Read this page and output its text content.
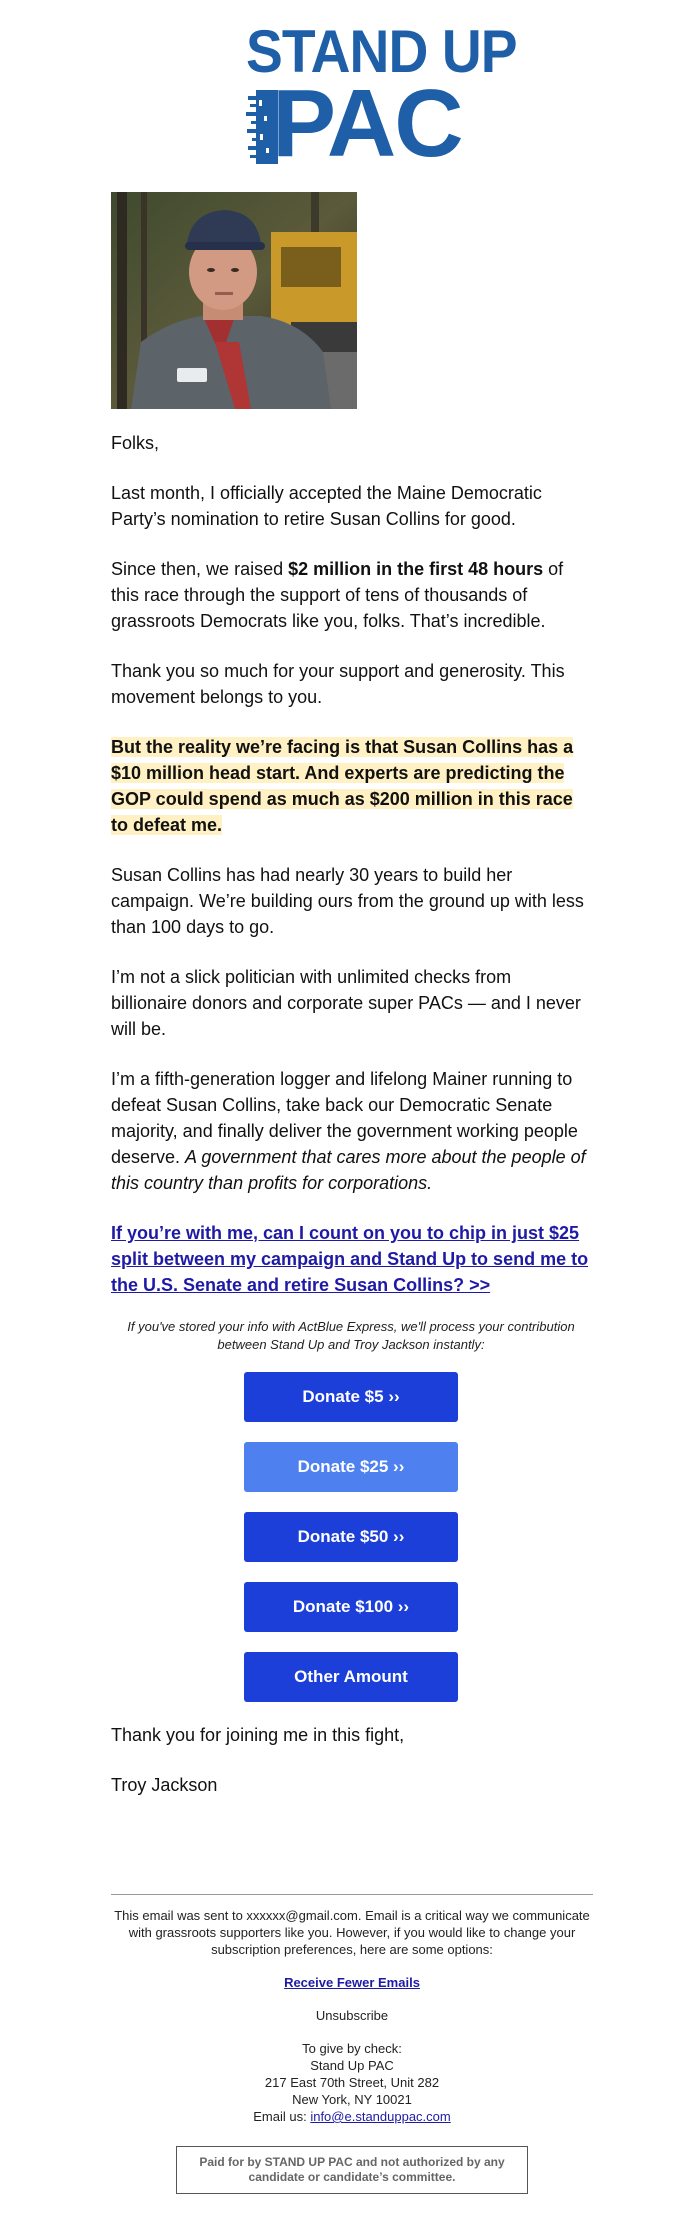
STAND UP
PAC

Folks,

Last month, I officially accepted the Maine Democratic Party’s nomination to retire Susan Collins for good.

Since then, we raised $2 million in the first 48 hours of this race through the support of tens of thousands of grassroots Democrats like you, folks. That’s incredible.

Thank you so much for your support and generosity. This movement belongs to you.

But the reality we’re facing is that Susan Collins has a $10 million head start. And experts are predicting the GOP could spend as much as $200 million in this race to defeat me.

Susan Collins has had nearly 30 years to build her campaign. We’re building ours from the ground up with less than 100 days to go.

I’m not a slick politician with unlimited checks from billionaire donors and corporate super PACs — and I never will be.

I’m a fifth-generation logger and lifelong Mainer running to defeat Susan Collins, take back our Democratic Senate majority, and finally deliver the government working people deserve. A government that cares more about the people of this country than profits for corporations.

If you’re with me, can I count on you to chip in just $25 split between my campaign and Stand Up to send me to the U.S. Senate and retire Susan Collins? >>

If you've stored your info with ActBlue Express, we'll process your contribution between Stand Up and Troy Jackson instantly:

Donate $5 ››
Donate $25 ››
Donate $50 ››
Donate $100 ››
Other Amount

Thank you for joining me in this fight,

Troy Jackson

This email was sent to xxxxxx@gmail.com. Email is a critical way we communicate with grassroots supporters like you. However, if you would like to change your subscription preferences, here are some options:

Receive Fewer Emails

Unsubscribe

To give by check:

Stand Up PAC

217 East 70th Street, Unit 282

New York, NY 10021

Email us: info@e.standuppac.com

Paid for by STAND UP PAC and not authorized by any candidate or candidate’s committee.
